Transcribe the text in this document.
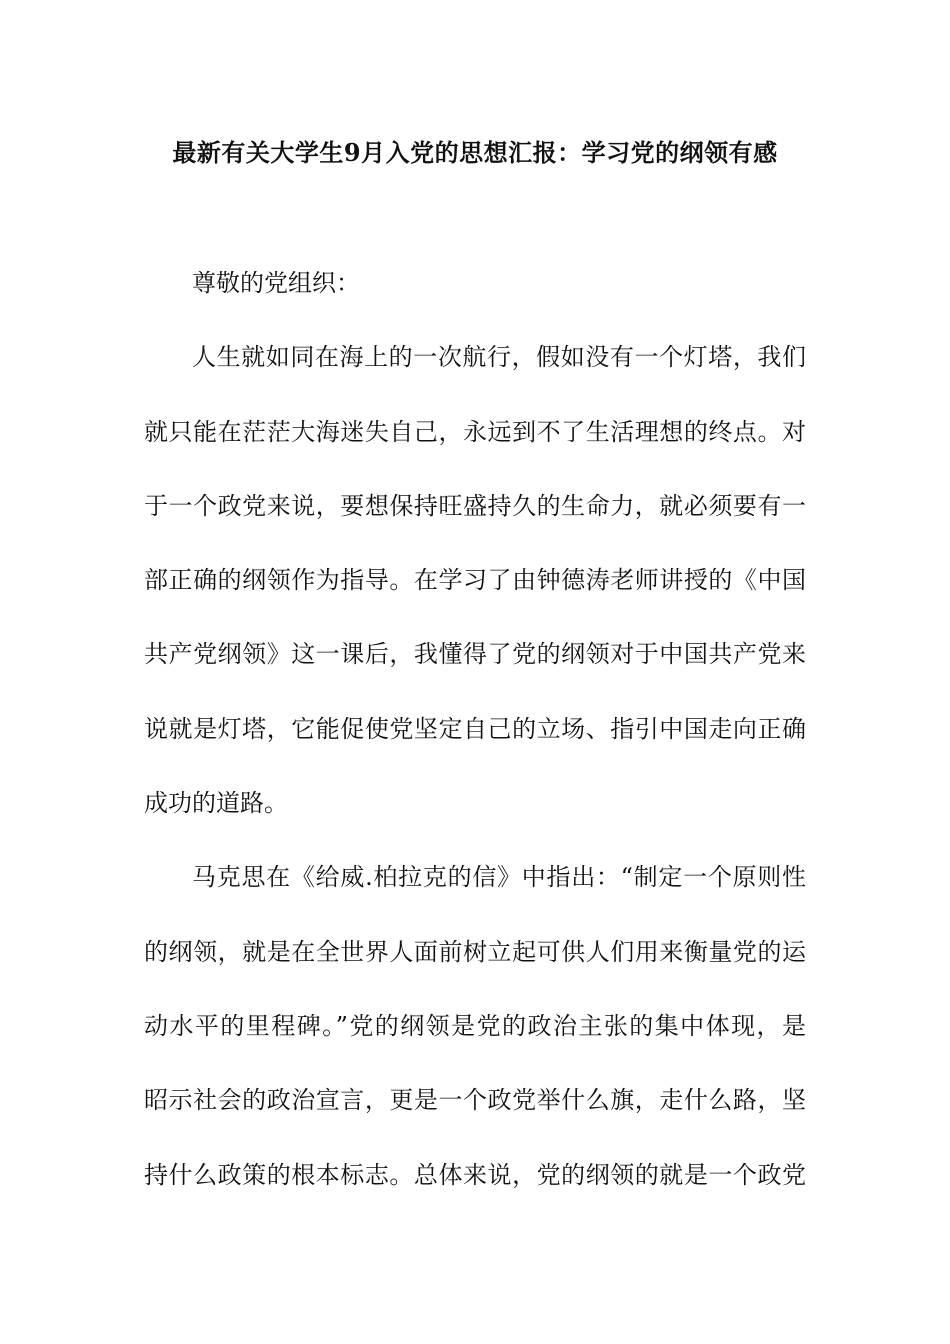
最新有关大学生9月入党的思想汇报：学习党的纲领有感
尊敬的党组织：
人生就如同在海上的一次航行，假如没有一个灯塔，我们
就只能在茫茫大海迷失自己，永远到不了生活理想的终点。对
于一个政党来说，要想保持旺盛持久的生命力，就必须要有一
部正确的纲领作为指导。在学习了由钟德涛老师讲授的《中国
共产党纲领》这一课后，我懂得了党的纲领对于中国共产党来
说就是灯塔，它能促使党坚定自己的立场、指引中国走向正确
成功的道路。
马克思在《给威.柏拉克的信》中指出：“制定一个原则性
的纲领，就是在全世界人面前树立起可供人们用来衡量党的运
动水平的里程碑。”党的纲领是党的政治主张的集中体现，是
昭示社会的政治宣言，更是一个政党举什么旗，走什么路，坚
持什么政策的根本标志。总体来说，党的纲领的就是一个政党
